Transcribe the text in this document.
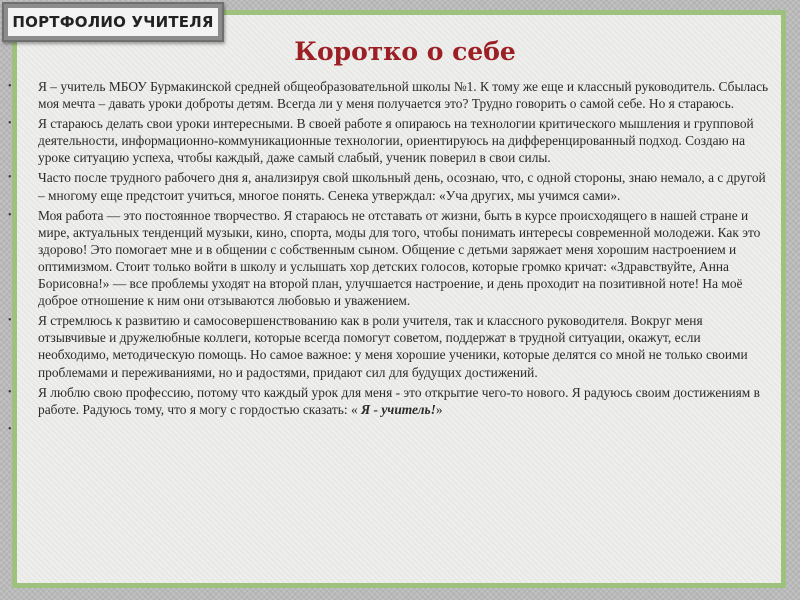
ПОРТФОЛИО УЧИТЕЛЯ
Коротко о себе
• Я – учитель МБОУ Бурмакинской средней общеобразовательной школы №1. К тому же еще и классный руководитель. Сбылась моя мечта – давать уроки доброты детям. Всегда ли у меня получается это? Трудно говорить о самой себе. Но я стараюсь.
• Я стараюсь делать свои уроки интересными. В своей работе я опираюсь на технологии критического мышления и групповой деятельности, информационно-коммуникационные технологии, ориентируюсь на дифференцированный подход. Создаю на уроке ситуацию успеха, чтобы каждый, даже самый слабый, ученик поверил в свои силы.
• Часто после трудного рабочего дня я, анализируя свой школьный день, осознаю, что, с одной стороны, знаю немало, а с другой – многому еще предстоит учиться, многое понять. Сенека утверждал: «Уча других, мы учимся сами».
• Моя работа — это постоянное творчество. Я стараюсь не отставать от жизни, быть в курсе происходящего в нашей стране и мире, актуальных тенденций музыки, кино, спорта, моды для того, чтобы понимать интересы современной молодежи. Как это здорово! Это помогает мне и в общении с собственным сыном. Общение с детьми заряжает меня хорошим настроением и оптимизмом. Стоит только войти в школу и услышать хор детских голосов, которые громко кричат: «Здравствуйте, Анна Борисовна!» — все проблемы уходят на второй план, улучшается настроение, и день проходит на позитивной ноте! На моё доброе отношение к ним они отзываются любовью и уважением.
• Я стремлюсь к развитию и самосовершенствованию как в роли учителя, так и классного руководителя. Вокруг меня отзывчивые и дружелюбные коллеги, которые всегда помогут советом, поддержат в трудной ситуации, окажут, если необходимо, методическую помощь. Но самое важное: у меня хорошие ученики, которые делятся со мной не только своими проблемами и переживаниями, но и радостями, придают сил для будущих достижений.
• Я люблю свою профессию, потому что каждый урок для меня - это открытие чего-то нового. Я радуюсь своим достижениям в работе. Радуюсь тому, что я могу с гордостью сказать: « Я - учитель!»
•
